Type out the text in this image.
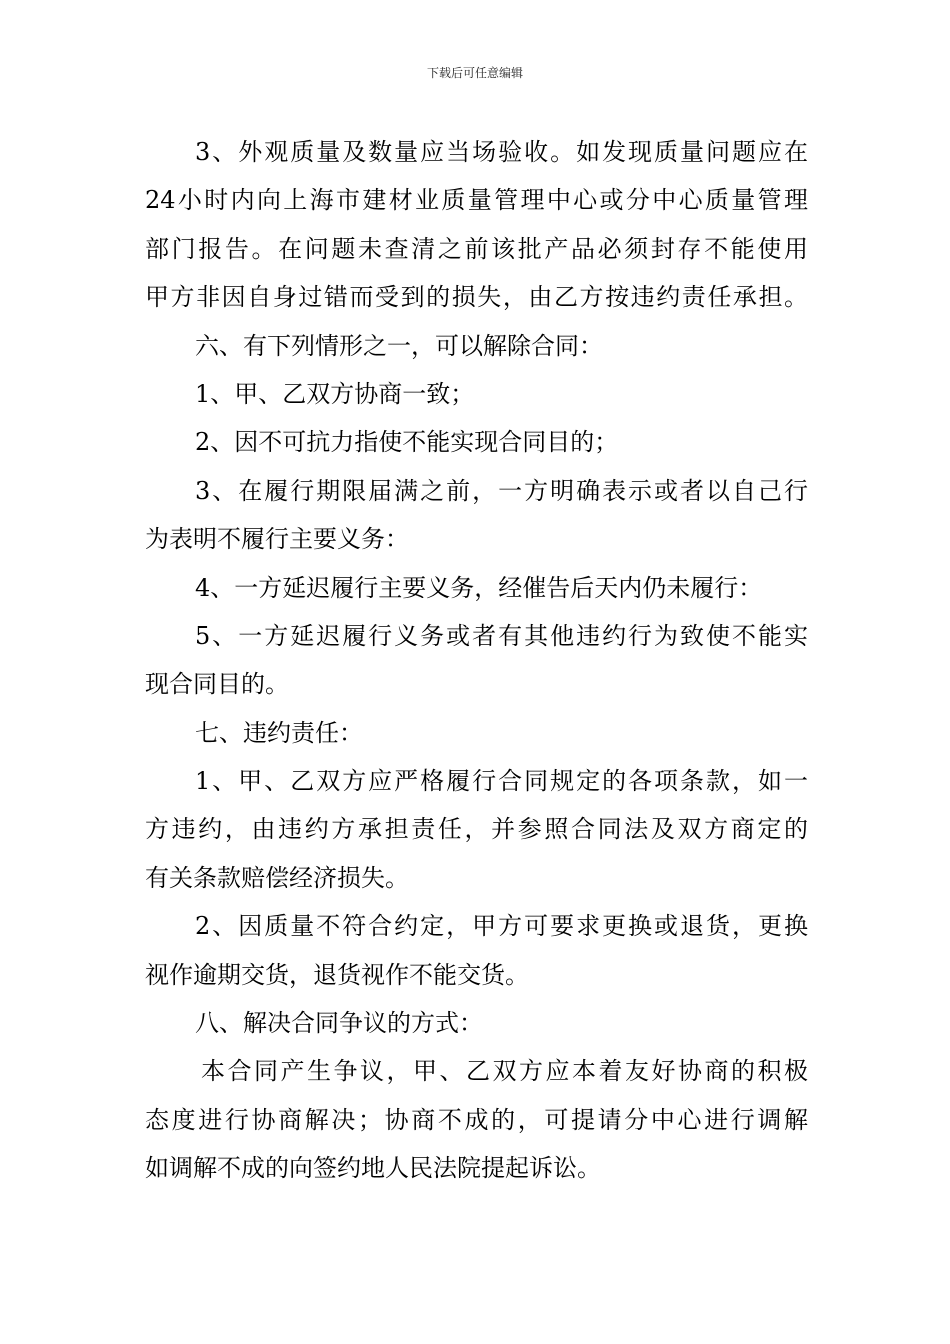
下载后可任意编辑
3、外观质量及数量应当场验收。如发现质量问题应在
24小时内向上海市建材业质量管理中心或分中心质量管理
部门报告。在问题未查清之前该批产品必须封存不能使用
甲方非因自身过错而受到的损失，由乙方按违约责任承担。
六、有下列情形之一，可以解除合同：
1、甲、乙双方协商一致；
2、因不可抗力指使不能实现合同目的；
3、在履行期限届满之前，一方明确表示或者以自己行
为表明不履行主要义务：
4、一方延迟履行主要义务，经催告后天内仍未履行：
5、一方延迟履行义务或者有其他违约行为致使不能实
现合同目的。
七、违约责任：
1、甲、乙双方应严格履行合同规定的各项条款，如一
方违约，由违约方承担责任，并参照合同法及双方商定的
有关条款赔偿经济损失。
2、因质量不符合约定，甲方可要求更换或退货，更换
视作逾期交货，退货视作不能交货。
八、解决合同争议的方式：
本合同产生争议，甲、乙双方应本着友好协商的积极
态度进行协商解决；协商不成的，可提请分中心进行调解
如调解不成的向签约地人民法院提起诉讼。
